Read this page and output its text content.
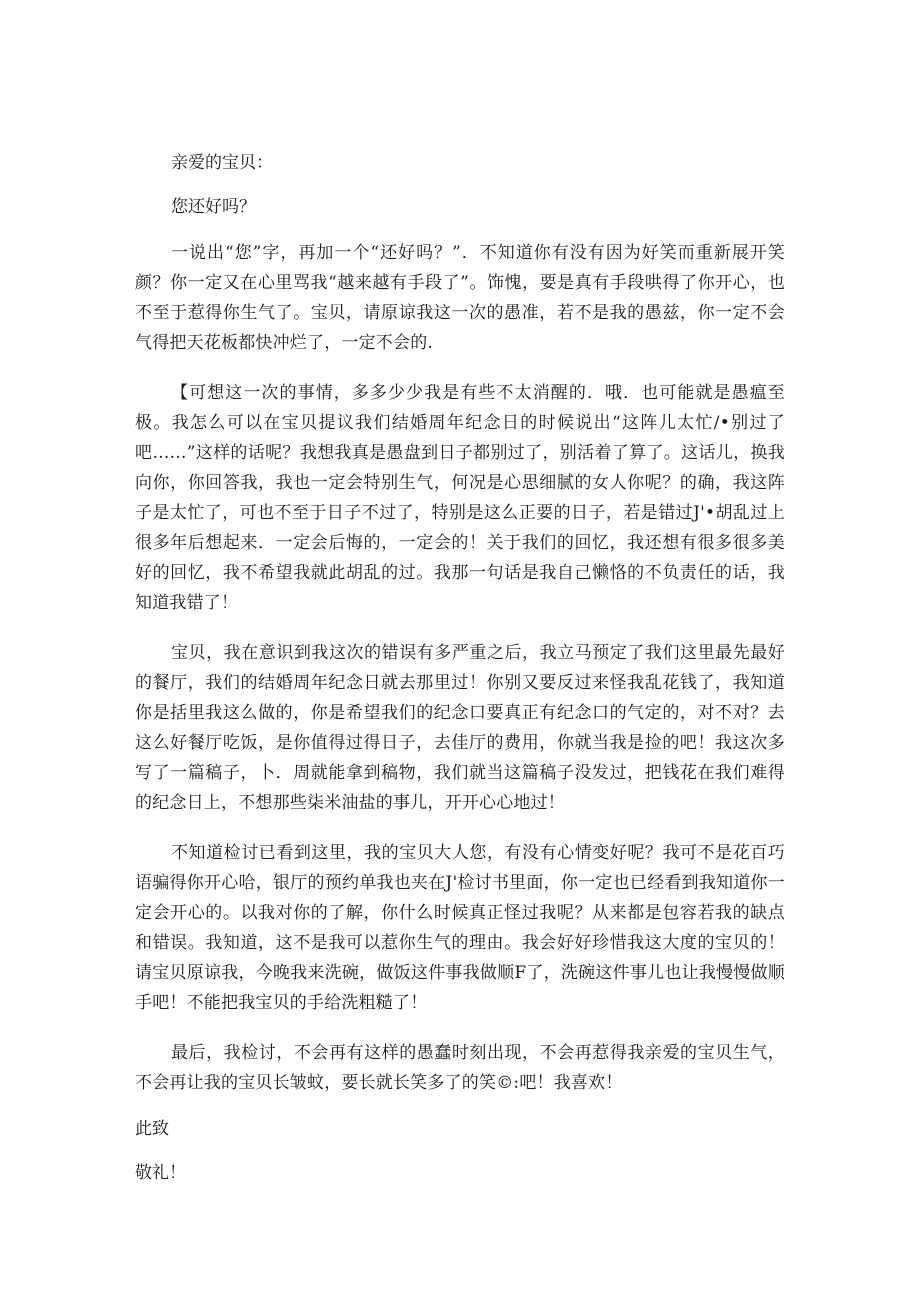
亲爱的宝贝：

您还好吗？

一说出“您”字，再加一个“还好吗？”．不知道你有没有因为好笑而重新展开笑颜？你一定又在心里骂我“越来越有手段了”。饰愧，要是真有手段哄得了你开心，也不至于惹得你生气了。宝贝，请原谅我这一次的愚准，若不是我的愚兹，你一定不会气得把天花板都快冲烂了，一定不会的.

【可想这一次的事情，多多少少我是有些不太消醒的．哦．也可能就是愚瘟至极。我怎么可以在宝贝提议我们结婚周年纪念日的时候说出“这阵儿太忙/•别过了吧……”这样的话呢？我想我真是愚盘到日子都别过了，别活着了算了。这话儿，换我向你，你回答我，我也一定会特别生气，何况是心思细腻的女人你呢？的确，我这阵子是太忙了，可也不至于日子不过了，特别是这么正要的日子，若是错过J'•胡乱过上很多年后想起来．一定会后悔的，一定会的！关于我们的回忆，我还想有很多很多美好的回忆，我不希望我就此胡乱的过。我那一句话是我自己懒恪的不负责任的话，我知道我错了！

宝贝，我在意识到我这次的错误有多严重之后，我立马预定了我们这里最先最好的餐厅，我们的结婚周年纪念日就去那里过！你别又要反过来怪我乱花钱了，我知道你是括里我这么做的，你是希望我们的纪念口要真正有纪念口的气定的，对不对？去这么好餐厅吃饭，是你值得过得日子，去佳厅的费用，你就当我是捡的吧！我这次多写了一篇稿子，卜．周就能拿到稿物，我们就当这篇稿子没发过，把钱花在我们难得的纪念日上，不想那些柒米油盐的事儿，开开心心地过！

不知道检讨已看到这里，我的宝贝大人您，有没有心情变好呢？我可不是花百巧语骗得你开心哈，银厅的预约单我也夹在J'检讨书里面，你一定也已经看到我知道你一定会开心的。以我对你的了解，你什么时候真正怪过我呢？从来都是包容若我的缺点和错误。我知道，这不是我可以惹你生气的理由。我会好好珍惜我这大度的宝贝的！请宝贝原谅我，今晚我来洗碗，做饭这件事我做顺F了，洗碗这件事儿也让我慢慢做顺手吧！不能把我宝贝的手给洗粗糙了！

最后，我检讨，不会再有这样的愚蠢时刻出现，不会再惹得我亲爱的宝贝生气，不会再让我的宝贝长皱蚊，要长就长笑多了的笑©:吧！我喜欢！

此致

敬礼！
